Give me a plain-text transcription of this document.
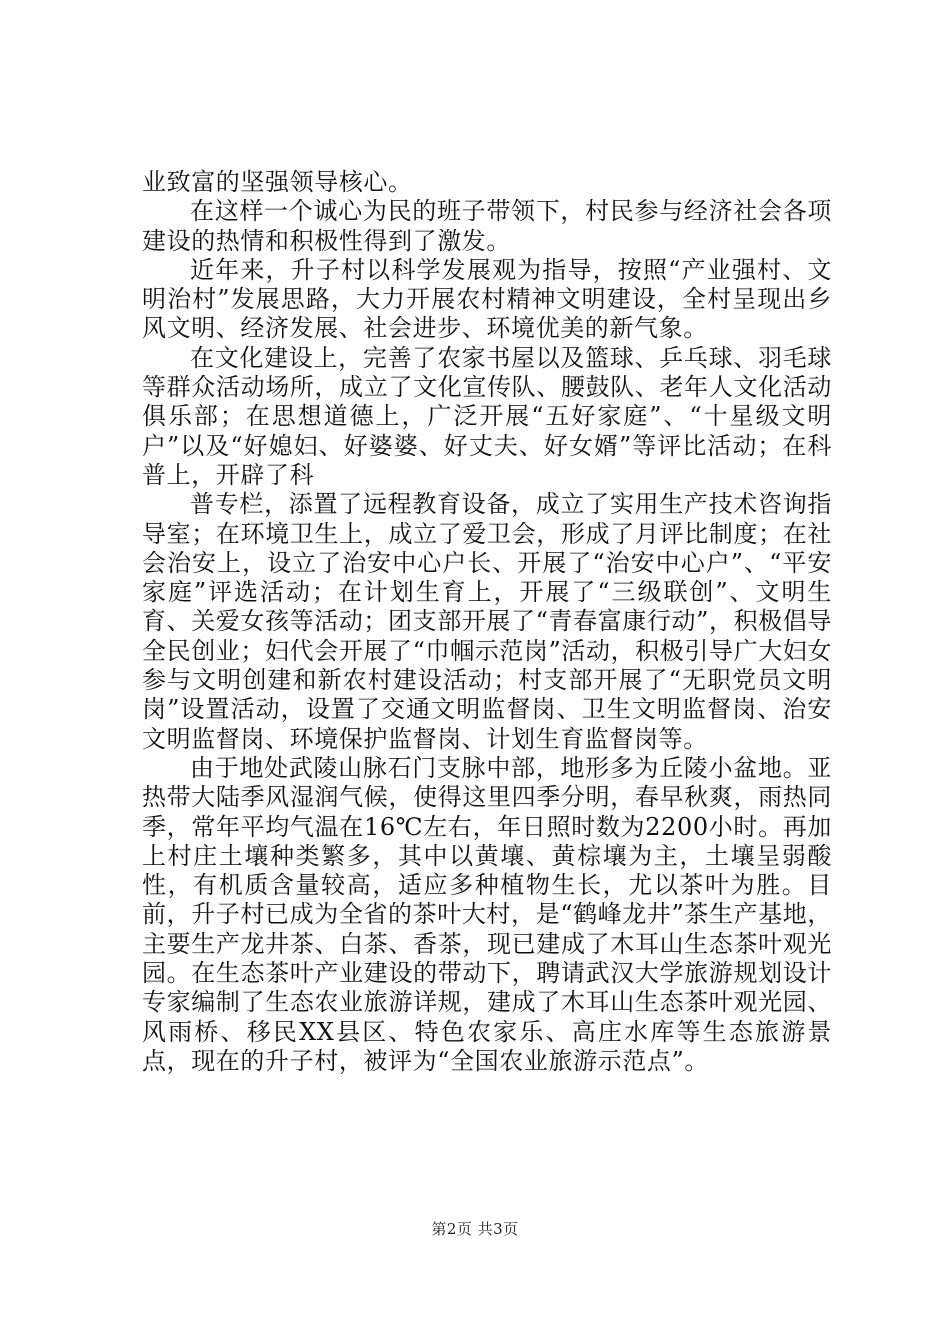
业致富的坚强领导核心。

在这样一个诚心为民的班子带领下，村民参与经济社会各项建设的热情和积极性得到了激发。

近年来，升子村以科学发展观为指导，按照“产业强村、文明治村”发展思路，大力开展农村精神文明建设，全村呈现出乡风文明、经济发展、社会进步、环境优美的新气象。

在文化建设上，完善了农家书屋以及篮球、乒乓球、羽毛球等群众活动场所，成立了文化宣传队、腰鼓队、老年人文化活动俱乐部；在思想道德上，广泛开展“五好家庭”、“十星级文明户”以及“好媳妇、好婆婆、好丈夫、好女婿”等评比活动；在科普上，开辟了科

普专栏，添置了远程教育设备，成立了实用生产技术咨询指导室；在环境卫生上，成立了爱卫会，形成了月评比制度；在社会治安上，设立了治安中心户长、开展了“治安中心户”、“平安家庭”评选活动；在计划生育上，开展了“三级联创”、文明生育、关爱女孩等活动；团支部开展了“青春富康行动”，积极倡导全民创业；妇代会开展了“巾帼示范岗”活动，积极引导广大妇女参与文明创建和新农村建设活动；村支部开展了“无职党员文明岗”设置活动，设置了交通文明监督岗、卫生文明监督岗、治安文明监督岗、环境保护监督岗、计划生育监督岗等。

由于地处武陵山脉石门支脉中部，地形多为丘陵小盆地。亚热带大陆季风湿润气候，使得这里四季分明，春早秋爽，雨热同季，常年平均气温在16℃左右，年日照时数为2200小时。再加上村庄土壤种类繁多，其中以黄壤、黄棕壤为主，土壤呈弱酸性，有机质含量较高，适应多种植物生长，尤以茶叶为胜。目前，升子村已成为全省的茶叶大村，是“鹤峰龙井”茶生产基地，主要生产龙井茶、白茶、香茶，现已建成了木耳山生态茶叶观光园。在生态茶叶产业建设的带动下，聘请武汉大学旅游规划设计专家编制了生态农业旅游详规，建成了木耳山生态茶叶观光园、风雨桥、移民XX县区、特色农家乐、高庄水库等生态旅游景点，现在的升子村，被评为“全国农业旅游示范点”。

第2页 共3页
